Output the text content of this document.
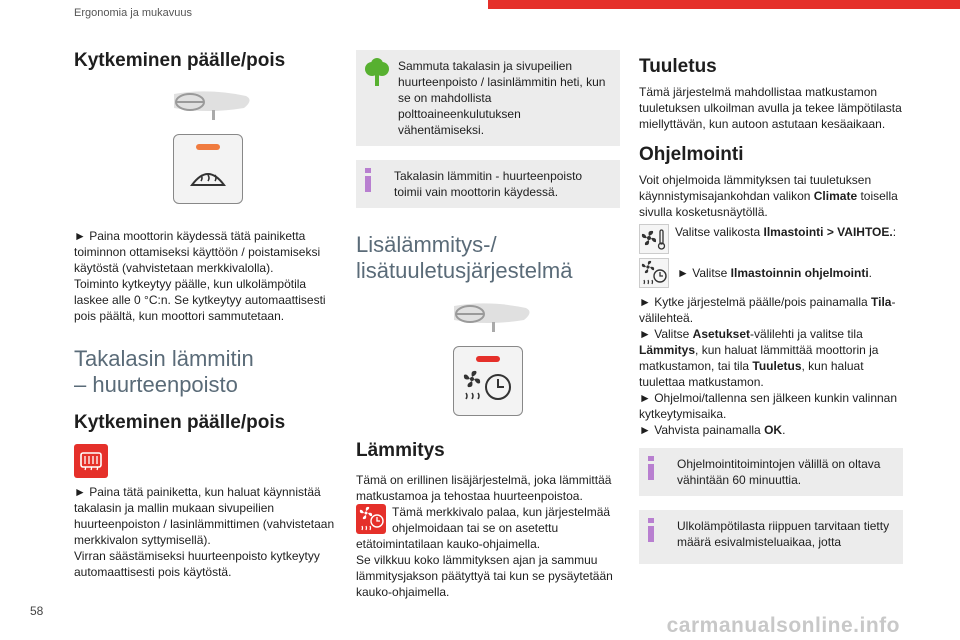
Ergonomia ja mukavuus
Kytkeminen päälle/pois

► Paina moottorin käydessä tätä painiketta toiminnon ottamiseksi käyttöön / poistamiseksi käytöstä (vahvistetaan merkkivalolla).

Toiminto kytkeytyy päälle, kun ulkolämpötila laskee alle 0 °C:n. Se kytkeytyy automaattisesti pois päältä, kun moottori sammutetaan.

Takalasin lämmitin
– huurteenpoisto
Kytkeminen päälle/pois

► Paina tätä painiketta, kun haluat käynnistää takalasin ja mallin mukaan sivupeilien huurteenpoiston / lasinlämmittimen (vahvistetaan merkkivalon syttymisellä).

Virran säästämiseksi huurteenpoisto kytkeytyy automaattisesti pois käytöstä.

Sammuta takalasin ja sivupeilien huurteenpoisto / lasinlämmitin heti, kun se on mahdollista polttoaineenkulutuksen vähentämiseksi.

Takalasin lämmitin - huurteenpoisto toimii vain moottorin käydessä.

Lisälämmitys-/
lisätuuletusjärjestelmä
Lämmitys

Tämä on erillinen lisäjärjestelmä, joka lämmittää matkustamoa ja tehostaa huurteenpoistoa.

Tämä merkkivalo palaa, kun järjestelmää ohjelmoidaan tai se on asetettu etätoimintatilaan kauko-ohjaimella.

Se vilkkuu koko lämmityksen ajan ja sammuu lämmitysjakson päätyttyä tai kun se pysäytetään kauko-ohjaimella.

Tuuletus

Tämä järjestelmä mahdollistaa matkustamon tuuletuksen ulkoilman avulla ja tekee lämpötilasta miellyttävän, kun autoon astutaan kesäaikaan.

Ohjelmointi

Voit ohjelmoida lämmityksen tai tuuletuksen käynnistymisajankohdan valikon Climate toisella sivulla kosketusnäytöllä.

Valitse valikosta Ilmastointi > VAIHTOE.:
► Valitse Ilmastoinnin ohjelmointi.

► Kytke järjestelmä päälle/pois painamalla Tila-välilehteä.

► Valitse Asetukset-välilehti ja valitse tila Lämmitys, kun haluat lämmittää moottorin ja matkustamon, tai tila Tuuletus, kun haluat tuulettaa matkustamon.

► Ohjelmoi/tallenna sen jälkeen kunkin valinnan kytkeytymisaika.

► Vahvista painamalla OK.

Ohjelmointitoimintojen välillä on oltava vähintään 60 minuuttia.

Ulkolämpötilasta riippuen tarvitaan tietty määrä esivalmisteluaikaa, jotta

58
carmanualsonline.info
